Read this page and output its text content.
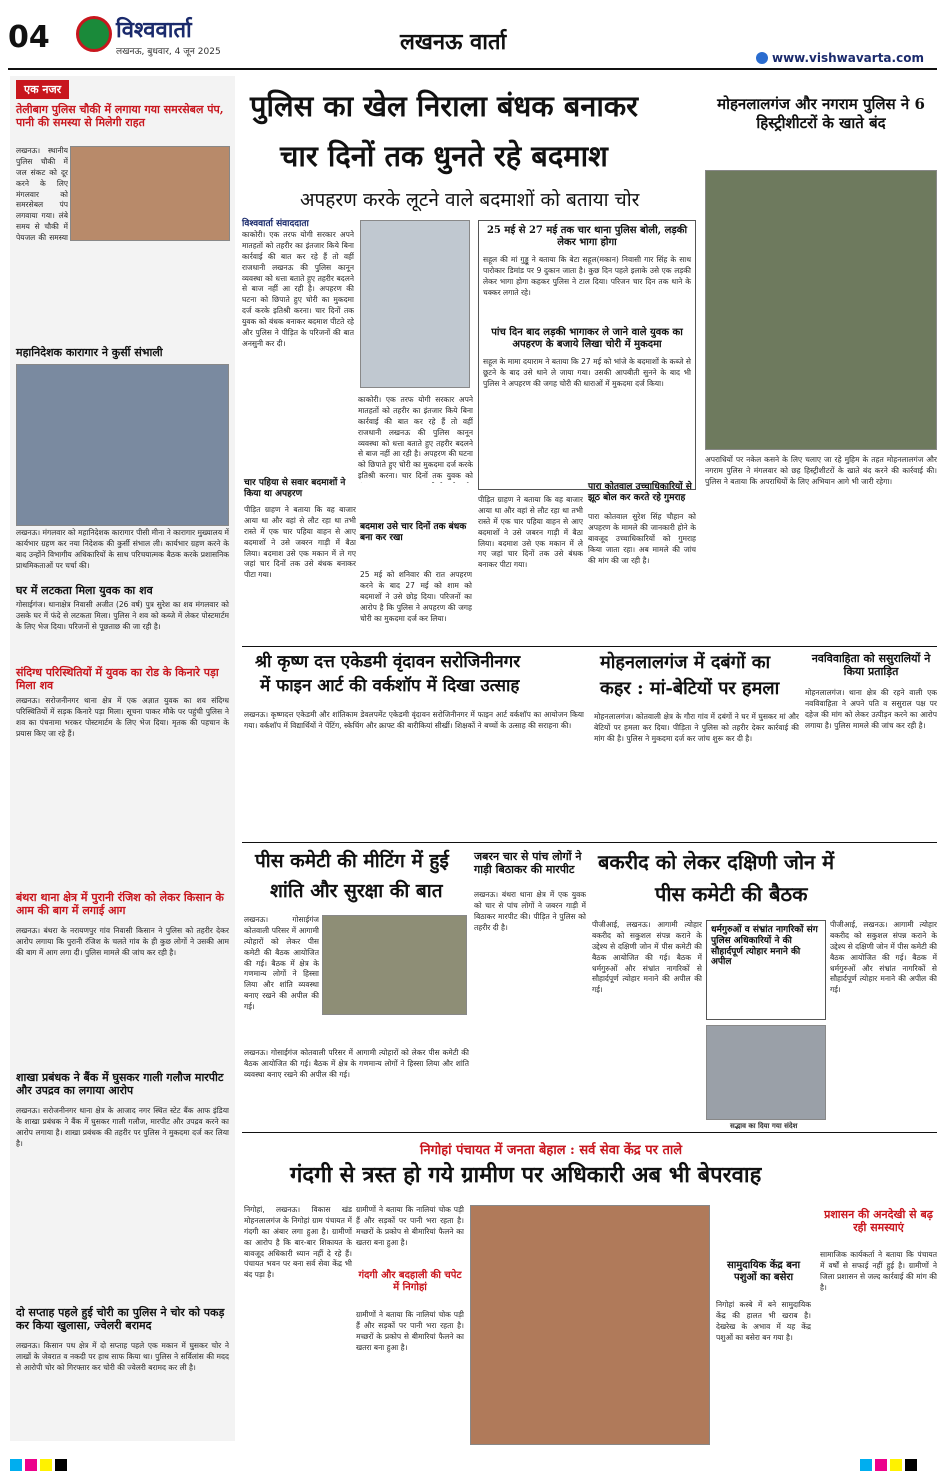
04	विश्ववार्ता
लखनऊ, बुधवार, 4 जून 2025	लखनऊ वार्ता
www.vishwavarta.com
एक नजर
तेलीबाग पुलिस चौकी में लगाया गया समरसेबल पंप, पानी की समस्या से मिलेगी राहत
लखनऊ। स्थानीय पुलिस चौकी में जल संकट को दूर करने के लिए मंगलवार को समरसेबल पंप लगवाया गया। लंबे समय से चौकी में पेयजल की समस्या
महानिदेशक कारागार ने कुर्सी संभाली
लखनऊ। मंगलवार को महानिदेशक कारागार पीसी मीना ने कारागार मुख्यालय में कार्यभार ग्रहण कर नया निदेशक की कुर्सी संभाल ली। कार्यभार ग्रहण करने के बाद उन्होंने विभागीय अधिकारियों के साथ परिचयात्मक बैठक करके प्रशासनिक प्राथमिकताओं पर चर्चा की।
घर में लटकता मिला युवक का शव
गोसाईगंज। थानाक्षेत्र निवासी अजीत (26 वर्ष) पुत्र सुरेश का शव मंगलवार को उसके घर में फंदे से लटकता मिला। पुलिस ने शव को कब्जे में लेकर पोस्टमार्टम के लिए भेज दिया। परिजनों से पूछताछ की जा रही है।
संदिग्ध परिस्थितियों में युवक का रोड के किनारे पड़ा मिला शव
लखनऊ। सरोजनीनगर थाना क्षेत्र में एक अज्ञात युवक का शव संदिग्ध परिस्थितियों में सड़क किनारे पड़ा मिला। सूचना पाकर मौके पर पहुंची पुलिस ने शव का पंचनामा भरकर पोस्टमार्टम के लिए भेज दिया। मृतक की पहचान के प्रयास किए जा रहे हैं।
बंथरा थाना क्षेत्र में पुरानी रंजिश को लेकर किसान के आम की बाग में लगाई आग
लखनऊ। बंथरा के नरायणपुर गांव निवासी किसान ने पुलिस को तहरीर देकर आरोप लगाया कि पुरानी रंजिश के चलते गांव के ही कुछ लोगों ने उसकी आम की बाग में आग लगा दी। पुलिस मामले की जांच कर रही है।
शाखा प्रबंधक ने बैंक में घुसकर गाली गलौज मारपीट और उपद्रव का लगाया आरोप
लखनऊ। सरोजनीनगर थाना क्षेत्र के आजाद नगर स्थित स्टेट बैंक आफ इंडिया के शाखा प्रबंधक ने बैंक में घुसकर गाली गलौज, मारपीट और उपद्रव करने का आरोप लगाया है। शाखा प्रबंधक की तहरीर पर पुलिस ने मुकदमा दर्ज कर लिया है।
दो सप्ताह पहले हुई चोरी का पुलिस ने चोर को पकड़ कर किया खुलासा, ज्वेलरी बरामद
लखनऊ। किसान पथ क्षेत्र में दो सप्ताह पहले एक मकान में घुसकर चोर ने लाखों के जेवरात व नकदी पर हाथ साफ किया था। पुलिस ने सर्विलांस की मदद से आरोपी चोर को गिरफ्तार कर चोरी की ज्वेलरी बरामद कर ली है।
पुलिस का खेल निराला बंधक बनाकर
चार दिनों तक धुनते रहे बदमाश
अपहरण करके लूटने वाले बदमाशों को बताया चोर
विश्ववार्ता संवाददाता
काकोरी। एक तरफ योगी सरकार अपने मातहतों को तहरीर का इंतजार किये बिना कार्रवाई की बात कर रहे हैं तो वहीं राजधानी लखनऊ की पुलिस कानून व्यवस्था को धत्ता बताते हुए तहरीर बदलने से बाज नहीं आ रही है। अपहरण की घटना को छिपाते हुए चोरी का मुकदमा दर्ज करके इतिश्री करना। चार दिनों तक युवक को बंधक बनाकर बदमाश पीटते रहे और पुलिस ने पीड़ित के परिजनों की बात अनसुनी कर दी।
काकोरी। एक तरफ योगी सरकार अपने मातहतों को तहरीर का इंतजार किये बिना कार्रवाई की बात कर रहे हैं तो वहीं राजधानी लखनऊ की पुलिस कानून व्यवस्था को धत्ता बताते हुए तहरीर बदलने से बाज नहीं आ रही है। अपहरण की घटना को छिपाते हुए चोरी का मुकदमा दर्ज करके इतिश्री करना। चार दिनों तक युवक को
चार पहिया से सवार बदमाशों ने किया था अपहरण
पीड़ित ग्राहण ने बताया कि वह बाजार आया था और वहां से लौट रहा था तभी रास्ते में एक चार पहिया वाहन से आए बदमाशों ने उसे जबरन गाड़ी में बैठा लिया। बदमाश उसे एक मकान में ले गए जहां चार दिनों तक उसे बंधक बनाकर पीटा गया।
बदमाश उसे चार दिनों तक बंधक बना कर रखा
25 मई को शनिवार की रात अपहरण करने के बाद 27 मई को शाम को बदमाशों ने उसे छोड़ दिया। परिजनों का आरोप है कि पुलिस ने अपहरण की जगह चोरी का मुकदमा दर्ज कर लिया।
25 मई से 27 मई तक चार थाना पुलिस बोली, लड़की लेकर भागा होगा
सहूल की मां गुड्डू ने बताया कि बेटा सहूल(मकान) निवासी गार सिंह के साथ पारोकार डिमांड पर 9 दुकान जाता है। कुछ दिन पहले इलाके उसे एक लड़की लेकर भागा होगा कहकर पुलिस ने टाल दिया। परिजन चार दिन तक थाने के चक्कर लगाते रहे।
पांच दिन बाद लड़की भागाकर ले जाने वाले युवक का अपहरण के बजाये लिखा चोरी में मुकदमा
सहूल के मामा दयाराम ने बताया कि 27 मई को भांजे के बदमाशों के कब्जे से छूटने के बाद उसे थाने ले जाया गया। उसकी आपबीती सुनने के बाद भी पुलिस ने अपहरण की जगह चोरी की धाराओं में मुकदमा दर्ज किया।
पीड़ित ग्राहण ने बताया कि वह बाजार आया था और वहां से लौट रहा था तभी रास्ते में एक चार पहिया वाहन से आए बदमाशों ने उसे जबरन गाड़ी में बैठा लिया। बदमाश उसे एक मकान में ले गए जहां चार दिनों तक उसे बंधक बनाकर पीटा गया।
पारा कोतवाल उच्चाधिकारियों से झूठ बोल कर करते रहे गुमराह
पारा कोतवाल सुरेश सिंह चौहान को अपहरण के मामले की जानकारी होने के बावजूद उच्चाधिकारियों को गुमराह किया जाता रहा। अब मामले की जांच की मांग की जा रही है।
मोहनलालगंज और नगराम पुलिस ने 6 हिस्ट्रीशीटरों के खाते बंद
अपराधियों पर नकेल कसने के लिए चलाए जा रहे मुहिम के तहत मोहनलालगंज और नगराम पुलिस ने मंगलवार को छह हिस्ट्रीशीटरों के खाते बंद करने की कार्रवाई की। पुलिस ने बताया कि अपराधियों के लिए अभियान आगे भी जारी रहेगा।
श्री कृष्ण दत्त एकेडमी वृंदावन सरोजिनीनगर
में फाइन आर्ट की वर्कशॉप में दिखा उत्साह
लखनऊ। कृष्णदत्त एकेडमी और शांतिकाम डेवलपमेंट एकेडमी वृंदावन सरोजिनीनगर में फाइन आर्ट वर्कशॉप का आयोजन किया गया। वर्कशॉप में विद्यार्थियों ने पेंटिंग, स्केचिंग और क्राफ्ट की बारीकियां सीखीं। शिक्षकों ने बच्चों के उत्साह की सराहना की।
मोहनलालगंज में दबंगों का
कहर : मां-बेटियों पर हमला
मोहनलालगंज। कोतवाली क्षेत्र के गौरा गांव में दबंगों ने घर में घुसकर मां और बेटियों पर हमला कर दिया। पीड़िता ने पुलिस को तहरीर देकर कार्रवाई की मांग की है। पुलिस ने मुकदमा दर्ज कर जांच शुरू कर दी है।
नवविवाहिता को ससुरालियों ने किया प्रताड़ित
मोहनलालगंज। थाना क्षेत्र की रहने वाली एक नवविवाहिता ने अपने पति व ससुराल पक्ष पर दहेज की मांग को लेकर उत्पीड़न करने का आरोप लगाया है। पुलिस मामले की जांच कर रही है।
पीस कमेटी की मीटिंग में हुई
शांति और सुरक्षा की बात
लखनऊ। गोसाईगंज कोतवाली परिसर में आगामी त्योहारों को लेकर पीस कमेटी की बैठक आयोजित की गई। बैठक में क्षेत्र के गणमान्य लोगों ने हिस्सा लिया और शांति व्यवस्था बनाए रखने की अपील की गई।
लखनऊ। गोसाईगंज कोतवाली परिसर में आगामी त्योहारों को लेकर पीस कमेटी की बैठक आयोजित की गई। बैठक में क्षेत्र के गणमान्य लोगों ने हिस्सा लिया और शांति व्यवस्था बनाए रखने की अपील की गई।
जबरन चार से पांच लोगों ने गाड़ी बिठाकर की मारपीट
लखनऊ। बंथरा थाना क्षेत्र में एक युवक को चार से पांच लोगों ने जबरन गाड़ी में बिठाकर मारपीट की। पीड़ित ने पुलिस को तहरीर दी है।
बकरीद को लेकर दक्षिणी जोन में
पीस कमेटी की बैठक
पीजीआई, लखनऊ। आगामी त्योहार बकरीद को सकुशल संपन्न कराने के उद्देश्य से दक्षिणी जोन में पीस कमेटी की बैठक आयोजित की गई। बैठक में धर्मगुरुओं और संभ्रांत नागरिकों से सौहार्दपूर्ण त्योहार मनाने की अपील की गई।
धर्मगुरुओं व संभ्रांत नागरिकों संग पुलिस अधिकारियों ने की सौहार्दपूर्ण त्योहार मनाने की अपील
सद्भाव का दिया गया संदेश
पीजीआई, लखनऊ। आगामी त्योहार बकरीद को सकुशल संपन्न कराने के उद्देश्य से दक्षिणी जोन में पीस कमेटी की बैठक आयोजित की गई। बैठक में धर्मगुरुओं और संभ्रांत नागरिकों से सौहार्दपूर्ण त्योहार मनाने की अपील की गई।
निगोहां पंचायत में जनता बेहाल : सर्व सेवा केंद्र पर ताले
गंदगी से त्रस्त हो गये ग्रामीण पर अधिकारी अब भी बेपरवाह
निगोहां, लखनऊ। विकास खंड मोहनलालगंज के निगोहां ग्राम पंचायत में गंदगी का अंबार लगा हुआ है। ग्रामीणों का आरोप है कि बार-बार शिकायत के बावजूद अधिकारी ध्यान नहीं दे रहे हैं। पंचायत भवन पर बना सर्व सेवा केंद्र भी बंद पड़ा है।
ग्रामीणों ने बताया कि नालियां चोक पड़ी हैं और सड़कों पर पानी भरा रहता है। मच्छरों के प्रकोप से बीमारियां फैलने का खतरा बना हुआ है।
गंदगी और बदहाली की चपेट में निगोहां
ग्रामीणों ने बताया कि नालियां चोक पड़ी हैं और सड़कों पर पानी भरा रहता है। मच्छरों के प्रकोप से बीमारियां फैलने का खतरा बना हुआ है।
सामुदायिक केंद्र बना पशुओं का बसेरा
निगोहां कस्बे में बने सामुदायिक केंद्र की हालत भी खराब है। देखरेख के अभाव में यह केंद्र पशुओं का बसेरा बन गया है।
प्रशासन की अनदेखी से बढ़ रही समस्याएं
सामाजिक कार्यकर्ता ने बताया कि पंचायत में वर्षों से सफाई नहीं हुई है। ग्रामीणों ने जिला प्रशासन से जल्द कार्रवाई की मांग की है।
